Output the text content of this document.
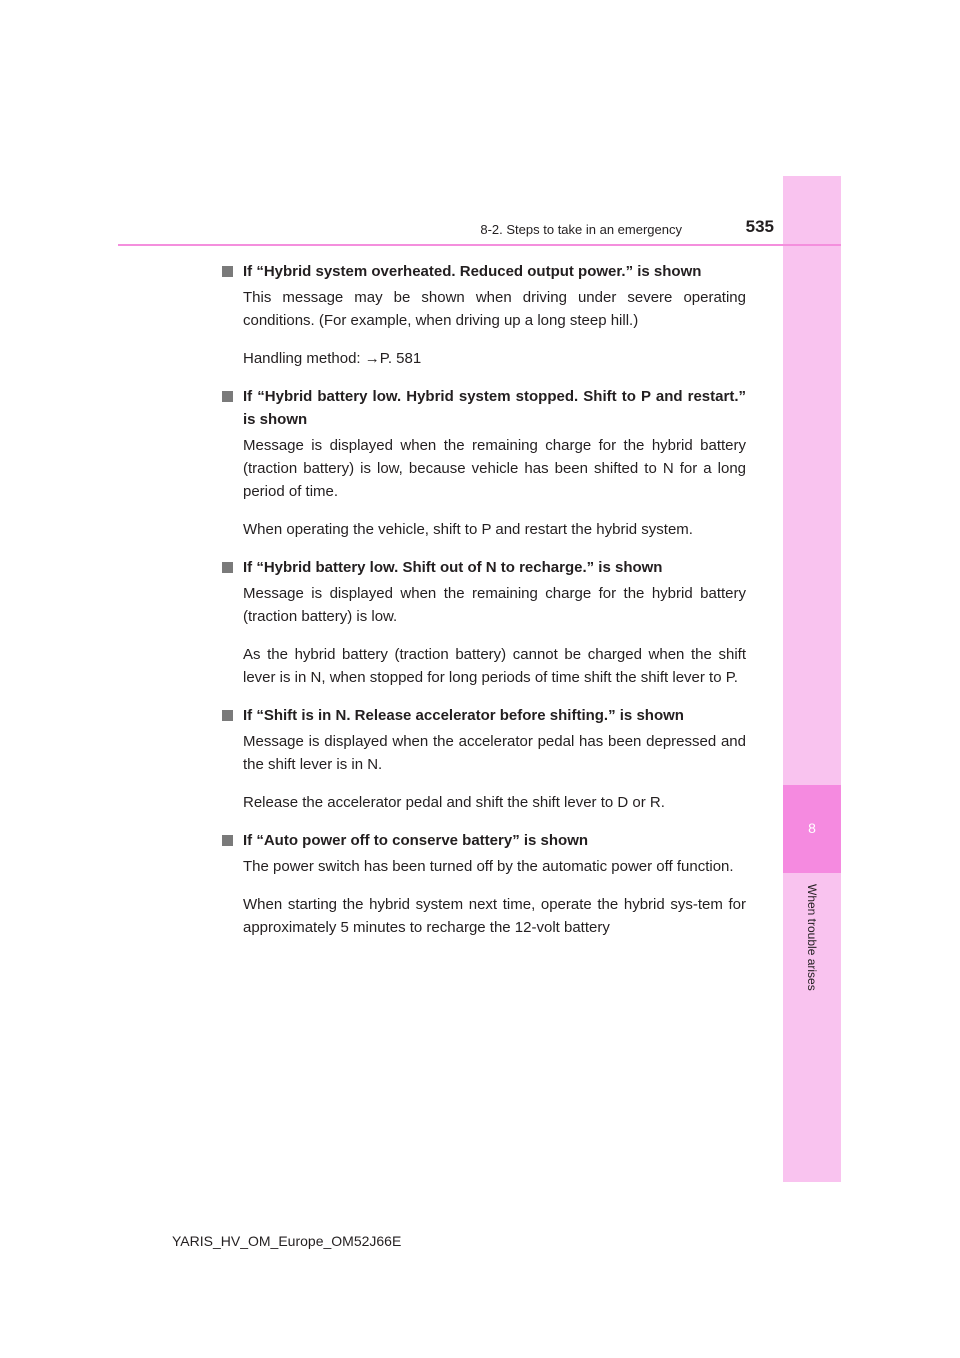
8
When trouble arises
8-2. Steps to take in an emergency	535
If “Hybrid system overheated. Reduced output power.” is shown

This message may be shown when driving under severe operating conditions. (For example, when driving up a long steep hill.)

Handling method: →P. 581

If “Hybrid battery low. Hybrid system stopped. Shift to P and restart.” is shown

Message is displayed when the remaining charge for the hybrid battery (traction battery) is low, because vehicle has been shifted to N for a long period of time.

When operating the vehicle, shift to P and restart the hybrid system.

If “Hybrid battery low. Shift out of N to recharge.” is shown

Message is displayed when the remaining charge for the hybrid battery (traction battery) is low.

As the hybrid battery (traction battery) cannot be charged when the shift lever is in N, when stopped for long periods of time shift the shift lever to P.

If “Shift is in N. Release accelerator before shifting.” is shown

Message is displayed when the accelerator pedal has been depressed and the shift lever is in N.

Release the accelerator pedal and shift the shift lever to D or R.

If “Auto power off to conserve battery” is shown

The power switch has been turned off by the automatic power off function.

When starting the hybrid system next time, operate the hybrid sys-tem for approximately 5 minutes to recharge the 12-volt battery

YARIS_HV_OM_Europe_OM52J66E
